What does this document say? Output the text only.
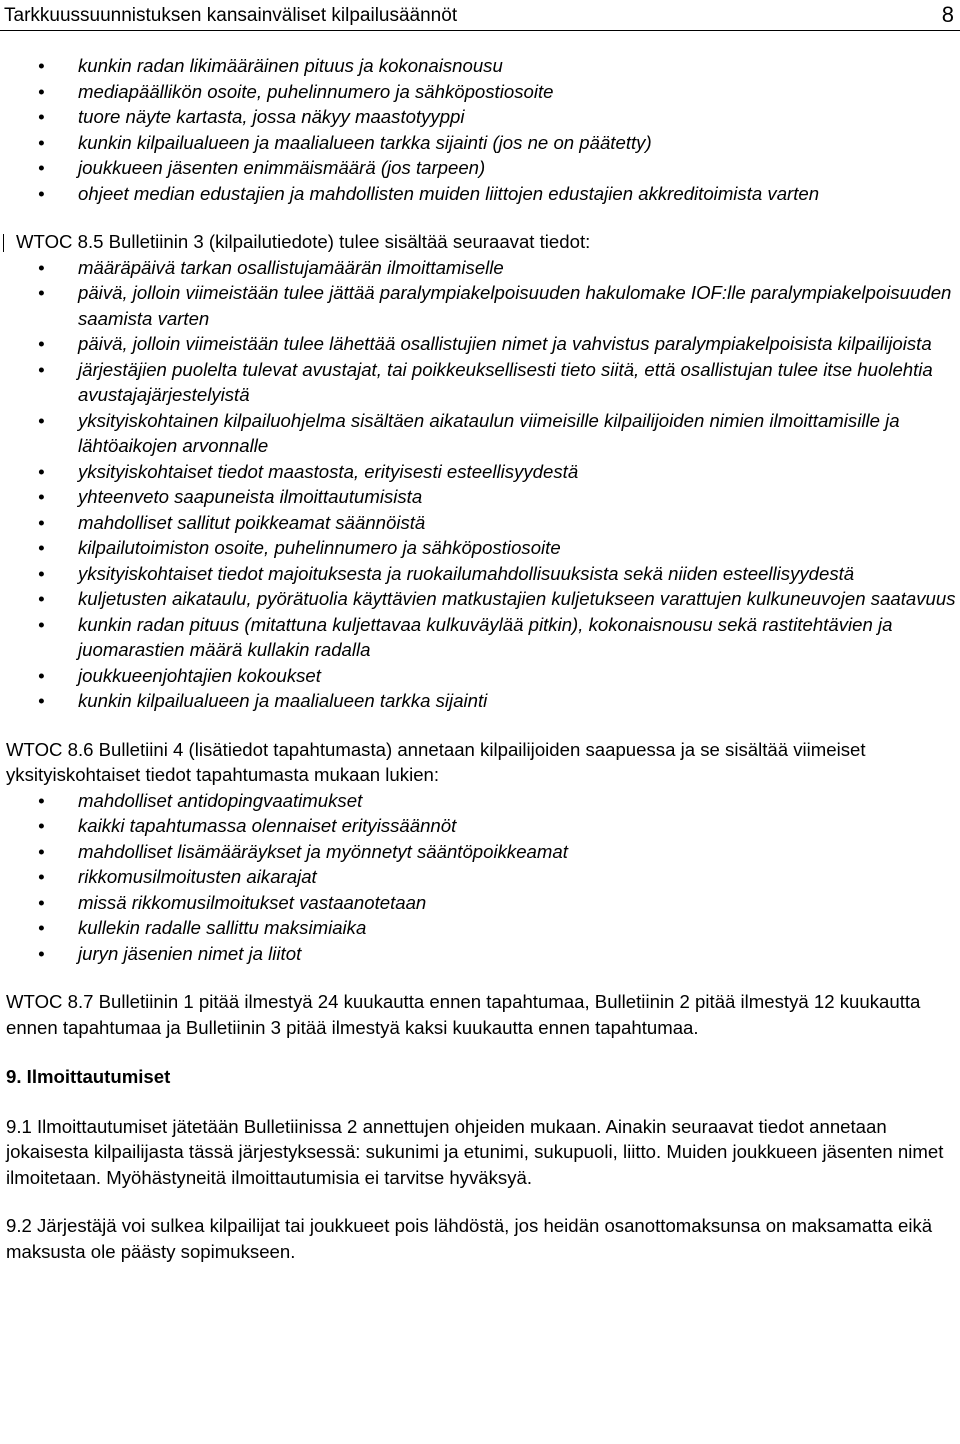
Tarkkuussuunnistuksen kansainväliset kilpailusäännöt	8
• kunkin radan likimääräinen pituus ja kokonaisnousu
• mediapäällikön osoite, puhelinnumero ja sähköpostiosoite
• tuore näyte kartasta, jossa näkyy maastotyyppi
• kunkin kilpailualueen ja maalialueen tarkka sijainti (jos ne on päätetty)
• joukkueen jäsenten enimmäismäärä (jos tarpeen)
• ohjeet median edustajien ja mahdollisten muiden liittojen edustajien akkreditoimista varten

WTOC 8.5 Bulletiinin 3 (kilpailutiedote) tulee sisältää seuraavat tiedot:

• määräpäivä tarkan osallistujamäärän ilmoittamiselle
• päivä, jolloin viimeistään tulee jättää paralympiakelpoisuuden hakulomake IOF:lle paralympiakelpoisuuden saamista varten
• päivä, jolloin viimeistään tulee lähettää osallistujien nimet ja vahvistus paralympiakelpoisista kilpailijoista
• järjestäjien puolelta tulevat avustajat, tai poikkeuksellisesti tieto siitä, että osallistujan tulee itse huolehtia avustajajärjestelyistä
• yksityiskohtainen kilpailuohjelma sisältäen aikataulun viimeisille kilpailijoiden nimien ilmoittamisille ja lähtöaikojen arvonnalle
• yksityiskohtaiset tiedot maastosta, erityisesti esteellisyydestä
• yhteenveto saapuneista ilmoittautumisista
• mahdolliset sallitut poikkeamat säännöistä
• kilpailutoimiston osoite, puhelinnumero ja sähköpostiosoite
• yksityiskohtaiset tiedot majoituksesta ja ruokailumahdollisuuksista sekä niiden esteellisyydestä
• kuljetusten aikataulu, pyörätuolia käyttävien matkustajien kuljetukseen varattujen kulkuneuvojen saatavuus
• kunkin radan pituus (mitattuna kuljettavaa kulkuväylää pitkin), kokonaisnousu sekä rastitehtävien ja juomarastien määrä kullakin radalla
• joukkueenjohtajien kokoukset
• kunkin kilpailualueen ja maalialueen tarkka sijainti

WTOC 8.6 Bulletiini 4 (lisätiedot tapahtumasta) annetaan kilpailijoiden saapuessa ja se sisältää viimeiset yksityiskohtaiset tiedot tapahtumasta mukaan lukien:

• mahdolliset antidopingvaatimukset
• kaikki tapahtumassa olennaiset erityissäännöt
• mahdolliset lisämääräykset ja myönnetyt sääntöpoikkeamat
• rikkomusilmoitusten aikarajat
• missä rikkomusilmoitukset vastaanotetaan
• kullekin radalle sallittu maksimiaika
• juryn jäsenien nimet ja liitot

WTOC 8.7 Bulletiinin 1 pitää ilmestyä 24 kuukautta ennen tapahtumaa, Bulletiinin 2 pitää ilmestyä 12 kuukautta ennen tapahtumaa ja Bulletiinin 3 pitää ilmestyä kaksi kuukautta ennen tapahtumaa.

9. Ilmoittautumiset

9.1 Ilmoittautumiset jätetään Bulletiinissa 2 annettujen ohjeiden mukaan. Ainakin seuraavat tiedot annetaan jokaisesta kilpailijasta tässä järjestyksessä: sukunimi ja etunimi, sukupuoli, liitto. Muiden joukkueen jäsenten nimet ilmoitetaan. Myöhästyneitä ilmoittautumisia ei tarvitse hyväksyä.

9.2 Järjestäjä voi sulkea kilpailijat tai joukkueet pois lähdöstä, jos heidän osanottomaksunsa on maksamatta eikä maksusta ole päästy sopimukseen.
